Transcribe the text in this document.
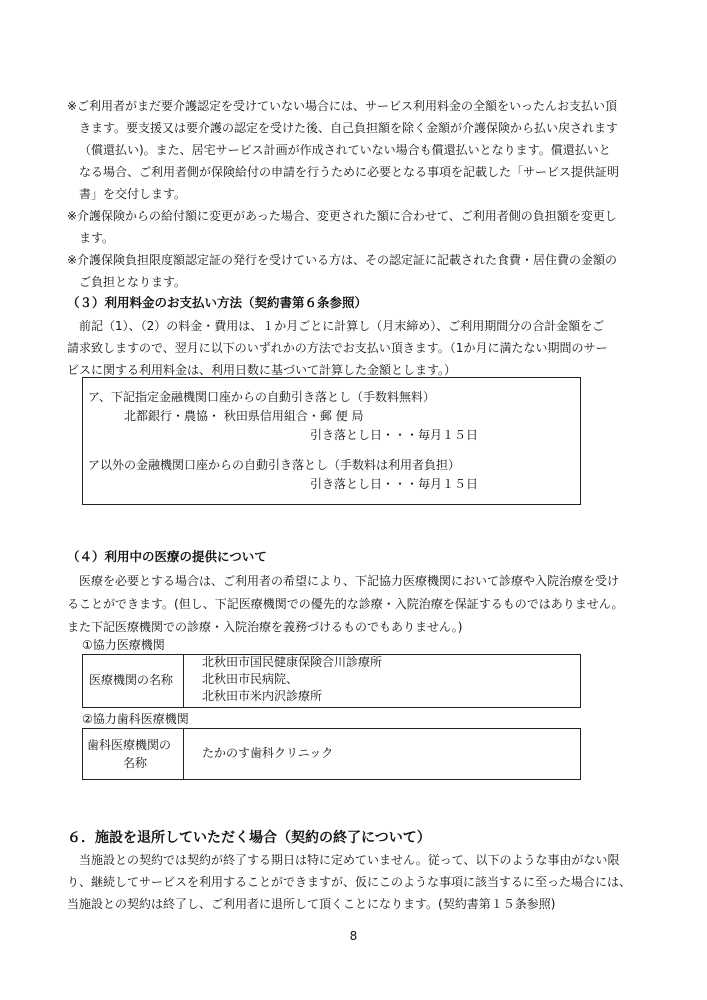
※ご利用者がまだ要介護認定を受けていない場合には、サービス利用料金の全額をいったんお支払い頂
きます。要支援又は要介護の認定を受けた後、自己負担額を除く金額が介護保険から払い戻されます
（償還払い)。また、居宅サービス計画が作成されていない場合も償還払いとなります。償還払いと
なる場合、ご利用者側が保険給付の申請を行うために必要となる事項を記載した「サービス提供証明
書」を交付します。
※介護保険からの給付額に変更があった場合、変更された額に合わせて、ご利用者側の負担額を変更し
ます。
※介護保険負担限度額認定証の発行を受けている方は、その認定証に記載された食費・居住費の金額の
ご負担となります。
（３）利用料金のお支払い方法（契約書第６条参照）
前記（1）、（2）の料金・費用は、１か月ごとに計算し（月末締め）、ご利用期間分の合計金額をご
請求致しますので、翌月に以下のいずれかの方法でお支払い頂きます。（1か月に満たない期間のサー
ビスに関する利用料金は、利用日数に基づいて計算した金額とします。）
ア、下記指定金融機関口座からの自動引き落とし（手数料無料）
北都銀行・農協・ 秋田県信用組合・郵 便 局
引き落とし日・・・毎月１５日
ア以外の金融機関口座からの自動引き落とし（手数料は利用者負担）
引き落とし日・・・毎月１５日
（４）利用中の医療の提供について
医療を必要とする場合は、ご利用者の希望により、下記協力医療機関において診療や入院治療を受け
ることができます。(但し、下記医療機関での優先的な診療・入院治療を保証するものではありません。
また下記医療機関での診療・入院治療を義務づけるものでもありません。)
①協力医療機関
医療機関の名称
北秋田市国民健康保険合川診療所
北秋田市民病院、
北秋田市米内沢診療所
②協力歯科医療機関
歯科医療機関の
名称
たかのす歯科クリニック
６．施設を退所していただく場合（契約の終了について）
当施設との契約では契約が終了する期日は特に定めていません。従って、以下のような事由がない限
り、継続してサービスを利用することができますが、仮にこのような事項に該当するに至った場合には、
当施設との契約は終了し、ご利用者に退所して頂くことになります。(契約書第１５条参照)
8
